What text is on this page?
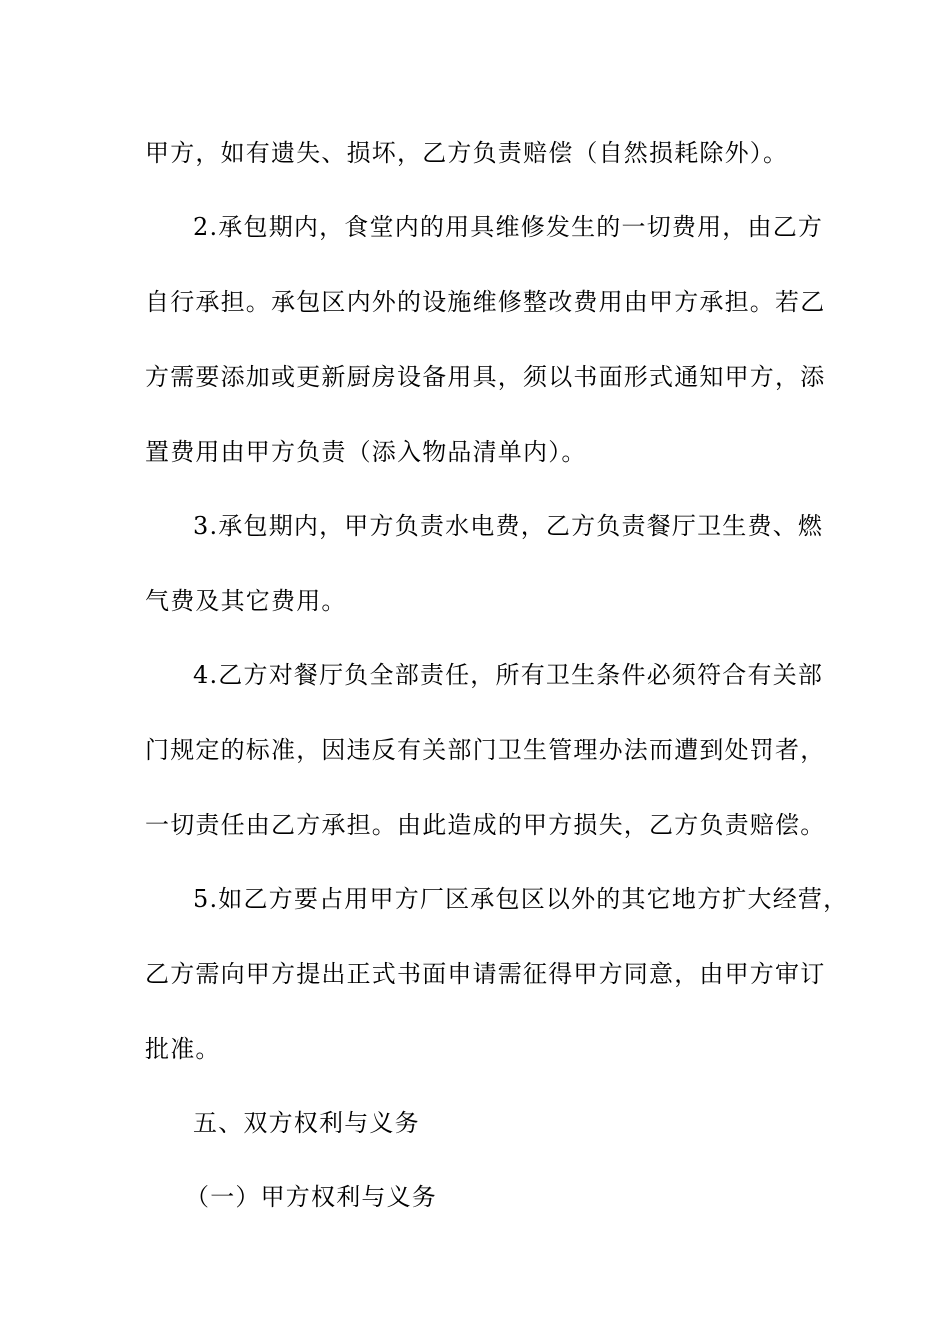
甲方，如有遗失、损坏，乙方负责赔偿（自然损耗除外）。
2.承包期内，食堂内的用具维修发生的一切费用，由乙方
自行承担。承包区内外的设施维修整改费用由甲方承担。若乙
方需要添加或更新厨房设备用具，须以书面形式通知甲方，添
置费用由甲方负责（添入物品清单内）。
3.承包期内，甲方负责水电费，乙方负责餐厅卫生费、燃
气费及其它费用。
4.乙方对餐厅负全部责任，所有卫生条件必须符合有关部
门规定的标准，因违反有关部门卫生管理办法而遭到处罚者，
一切责任由乙方承担。由此造成的甲方损失，乙方负责赔偿。
5.如乙方要占用甲方厂区承包区以外的其它地方扩大经营，
乙方需向甲方提出正式书面申请需征得甲方同意，由甲方审订
批准。
五、双方权利与义务
（一）甲方权利与义务
